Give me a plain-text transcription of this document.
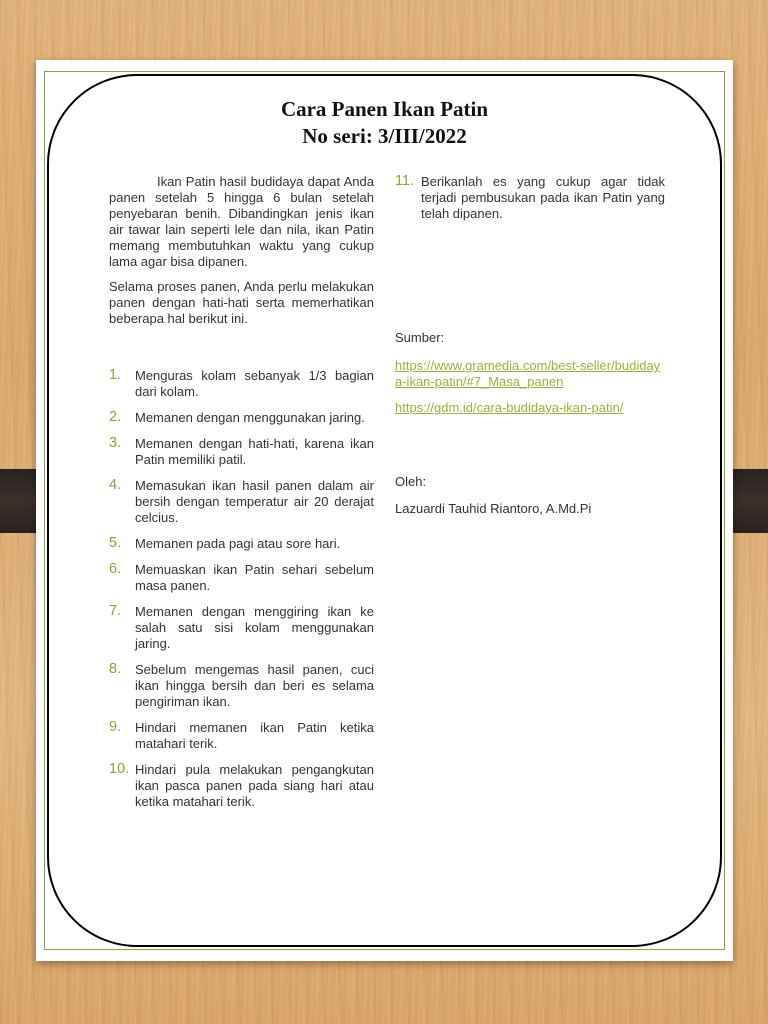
Cara Panen Ikan Patin
No seri: 3/III/2022

Ikan Patin hasil budidaya dapat Anda panen setelah 5 hingga 6 bulan setelah penyebaran benih. Dibandingkan jenis ikan air tawar lain seperti lele dan nila, ikan Patin memang membutuhkan waktu yang cukup lama agar bisa dipanen.

Selama proses panen, Anda perlu melakukan panen dengan hati-hati serta memerhatikan beberapa hal berikut ini.

1. Menguras kolam sebanyak 1/3 bagian dari kolam.
2. Memanen dengan menggunakan jaring.
3. Memanen dengan hati-hati, karena ikan Patin memiliki patil.
4. Memasukan ikan hasil panen dalam air bersih dengan temperatur air 20 derajat celcius.
5. Memanen pada pagi atau sore hari.
6. Memuaskan ikan Patin sehari sebelum masa panen.
7. Memanen dengan menggiring ikan ke salah satu sisi kolam menggunakan jaring.
8. Sebelum mengemas hasil panen, cuci ikan hingga bersih dan beri es selama pengiriman ikan.
9. Hindari memanen ikan Patin ketika matahari terik.
10. Hindari pula melakukan pengangkutan ikan pasca panen pada siang hari atau ketika matahari terik.
11. Berikanlah es yang cukup agar tidak terjadi pembusukan pada ikan Patin yang telah dipanen.
Sumber:
https://www.gramedia.com/best-seller/budidaya-ikan-patin/#7_Masa_panen
https://gdm.id/cara-budidaya-ikan-patin/
Oleh:
Lazuardi Tauhid Riantoro, A.Md.Pi
